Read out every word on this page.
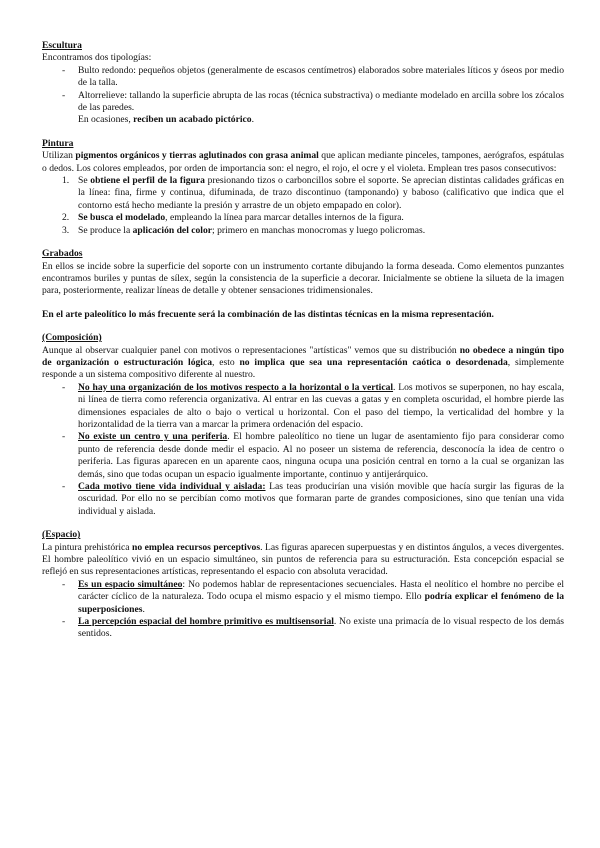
Escultura

Encontramos dos tipologías:

- Bulto redondo: pequeños objetos (generalmente de escasos centímetros) elaborados sobre materiales líticos y óseos por medio de la talla.
- Altorrelieve: tallando la superficie abrupta de las rocas (técnica substractiva) o mediante modelado en arcilla sobre los zócalos de las paredes.
En ocasiones, reciben un acabado pictórico.

Pintura

Utilizan pigmentos orgánicos y tierras aglutinados con grasa animal que aplican mediante pinceles, tampones, aerógrafos, espátulas o dedos. Los colores empleados, por orden de importancia son: el negro, el rojo, el ocre y el violeta. Emplean tres pasos consecutivos:

1. Se obtiene el perfil de la figura presionando tizos o carboncillos sobre el soporte. Se aprecian distintas calidades gráficas en la línea: fina, firme y continua, difuminada, de trazo discontinuo (tamponando) y baboso (calificativo que indica que el contorno está hecho mediante la presión y arrastre de un objeto empapado en color).
2. Se busca el modelado, empleando la línea para marcar detalles internos de la figura.
3. Se produce la aplicación del color; primero en manchas monocromas y luego policromas.

Grabados

En ellos se incide sobre la superficie del soporte con un instrumento cortante dibujando la forma deseada. Como elementos punzantes encontramos buriles y puntas de sílex, según la consistencia de la superficie a decorar. Inicialmente se obtiene la silueta de la imagen para, posteriormente, realizar líneas de detalle y obtener sensaciones tridimensionales.

En el arte paleolítico lo más frecuente será la combinación de las distintas técnicas en la misma representación.

(Composición)

Aunque al observar cualquier panel con motivos o representaciones "artísticas" vemos que su distribución no obedece a ningún tipo de organización o estructuración lógica, esto no implica que sea una representación caótica o desordenada, simplemente responde a un sistema compositivo diferente al nuestro.

- No hay una organización de los motivos respecto a la horizontal o la vertical. Los motivos se superponen, no hay escala, ni línea de tierra como referencia organizativa. Al entrar en las cuevas a gatas y en completa oscuridad, el hombre pierde las dimensiones espaciales de alto o bajo o vertical u horizontal. Con el paso del tiempo, la verticalidad del hombre y la horizontalidad de la tierra van a marcar la primera ordenación del espacio.
- No existe un centro y una periferia. El hombre paleolítico no tiene un lugar de asentamiento fijo para considerar como punto de referencia desde donde medir el espacio. Al no poseer un sistema de referencia, desconocía la idea de centro o periferia. Las figuras aparecen en un aparente caos, ninguna ocupa una posición central en torno a la cual se organizan las demás, sino que todas ocupan un espacio igualmente importante, continuo y antijerárquico.
- Cada motivo tiene vida individual y aislada: Las teas producirían una visión movible que hacía surgir las figuras de la oscuridad. Por ello no se percibían como motivos que formaran parte de grandes composiciones, sino que tenían una vida individual y aislada.

(Espacio)

La pintura prehistórica no emplea recursos perceptivos. Las figuras aparecen superpuestas y en distintos ángulos, a veces divergentes. El hombre paleolítico vivió en un espacio simultáneo, sin puntos de referencia para su estructuración. Esta concepción espacial se reflejó en sus representaciones artísticas, representando el espacio con absoluta veracidad.

- Es un espacio simultáneo: No podemos hablar de representaciones secuenciales. Hasta el neolítico el hombre no percibe el carácter cíclico de la naturaleza. Todo ocupa el mismo espacio y el mismo tiempo. Ello podría explicar el fenómeno de la superposiciones.
- La percepción espacial del hombre primitivo es multisensorial. No existe una primacía de lo visual respecto de los demás sentidos.
